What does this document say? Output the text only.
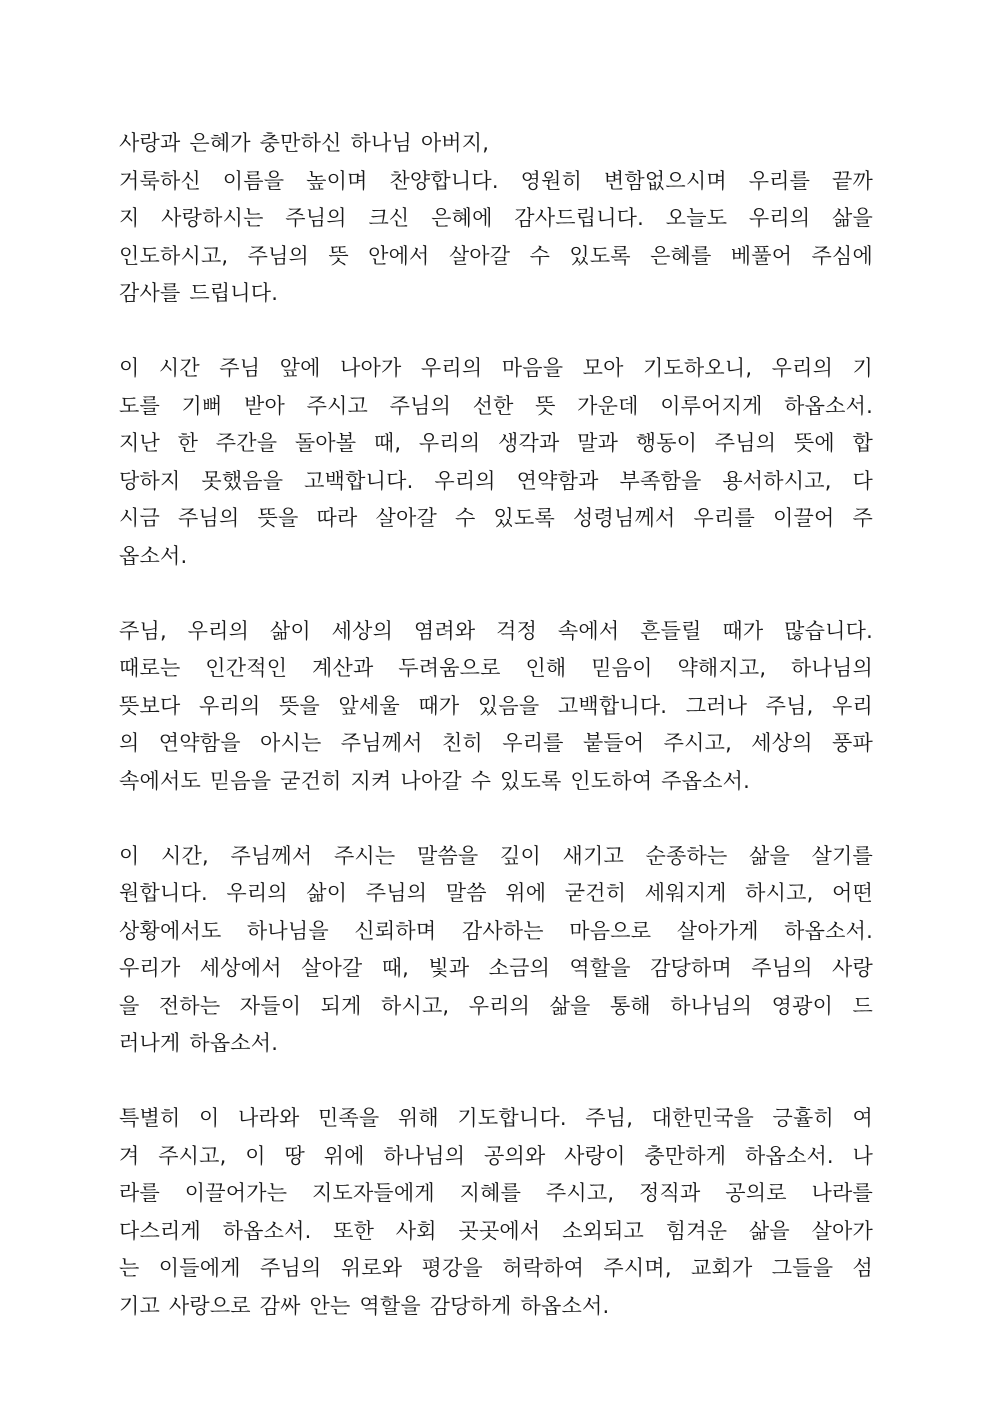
사랑과 은혜가 충만하신 하나님 아버지,
거룩하신 이름을 높이며 찬양합니다. 영원히 변함없으시며 우리를 끝까
지 사랑하시는 주님의 크신 은혜에 감사드립니다. 오늘도 우리의 삶을
인도하시고, 주님의 뜻 안에서 살아갈 수 있도록 은혜를 베풀어 주심에
감사를 드립니다.
이 시간 주님 앞에 나아가 우리의 마음을 모아 기도하오니, 우리의 기
도를 기뻐 받아 주시고 주님의 선한 뜻 가운데 이루어지게 하옵소서.
지난 한 주간을 돌아볼 때, 우리의 생각과 말과 행동이 주님의 뜻에 합
당하지 못했음을 고백합니다. 우리의 연약함과 부족함을 용서하시고, 다
시금 주님의 뜻을 따라 살아갈 수 있도록 성령님께서 우리를 이끌어 주
옵소서.
주님, 우리의 삶이 세상의 염려와 걱정 속에서 흔들릴 때가 많습니다.
때로는 인간적인 계산과 두려움으로 인해 믿음이 약해지고, 하나님의
뜻보다 우리의 뜻을 앞세울 때가 있음을 고백합니다. 그러나 주님, 우리
의 연약함을 아시는 주님께서 친히 우리를 붙들어 주시고, 세상의 풍파
속에서도 믿음을 굳건히 지켜 나아갈 수 있도록 인도하여 주옵소서.
이 시간, 주님께서 주시는 말씀을 깊이 새기고 순종하는 삶을 살기를
원합니다. 우리의 삶이 주님의 말씀 위에 굳건히 세워지게 하시고, 어떤
상황에서도 하나님을 신뢰하며 감사하는 마음으로 살아가게 하옵소서.
우리가 세상에서 살아갈 때, 빛과 소금의 역할을 감당하며 주님의 사랑
을 전하는 자들이 되게 하시고, 우리의 삶을 통해 하나님의 영광이 드
러나게 하옵소서.
특별히 이 나라와 민족을 위해 기도합니다. 주님, 대한민국을 긍휼히 여
겨 주시고, 이 땅 위에 하나님의 공의와 사랑이 충만하게 하옵소서. 나
라를 이끌어가는 지도자들에게 지혜를 주시고, 정직과 공의로 나라를
다스리게 하옵소서. 또한 사회 곳곳에서 소외되고 힘겨운 삶을 살아가
는 이들에게 주님의 위로와 평강을 허락하여 주시며, 교회가 그들을 섬
기고 사랑으로 감싸 안는 역할을 감당하게 하옵소서.
